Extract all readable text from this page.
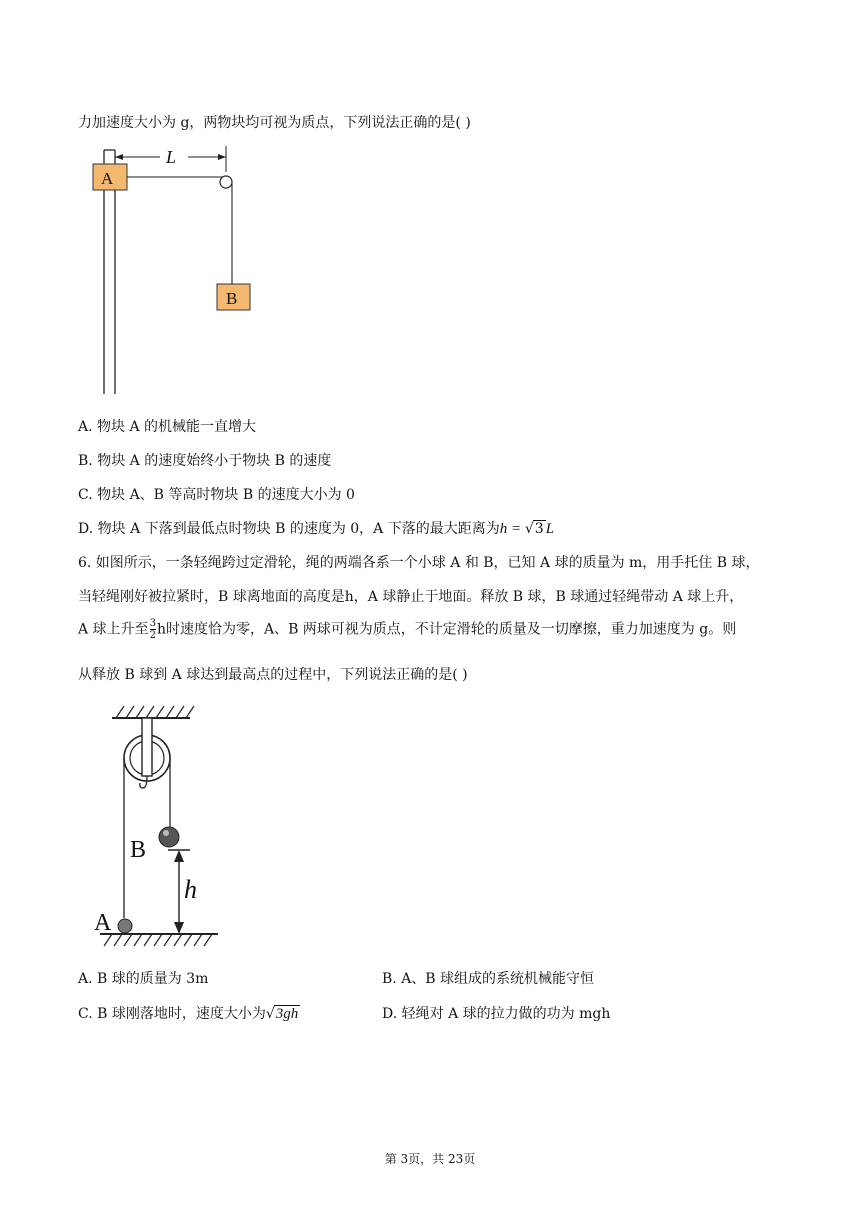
力加速度大小为 g，两物块均可视为质点，下列说法正确的是( )
A
L
B
A. 物块 A 的机械能一直增大
B. 物块 A 的速度始终小于物块 B 的速度
C. 物块 A、B 等高时物块 B 的速度大小为 0
D. 物块 A 下落到最低点时物块 B 的速度为 0，A 下落的最大距离为h = √3 L
6. 如图所示，一条轻绳跨过定滑轮，绳的两端各系一个小球 A 和 B，已知 A 球的质量为 m，用手托住 B 球，
当轻绳刚好被拉紧时，B 球离地面的高度是h，A 球静止于地面。释放 B 球，B 球通过轻绳带动 A 球上升，
A 球上升至 $\frac{3}{2}$ h时速度恰为零，A、B 两球可视为质点，不计定滑轮的质量及一切摩擦，重力加速度为 g。则
从释放 B 球到 A 球达到最高点的过程中，下列说法正确的是( )
B
h
A
A. B 球的质量为 3m	B. A、B 球组成的系统机械能守恒
C. B 球刚落地时，速度大小为√3gh	D. 轻绳对 A 球的拉力做的功为 mgh
第 3页，共 23页
